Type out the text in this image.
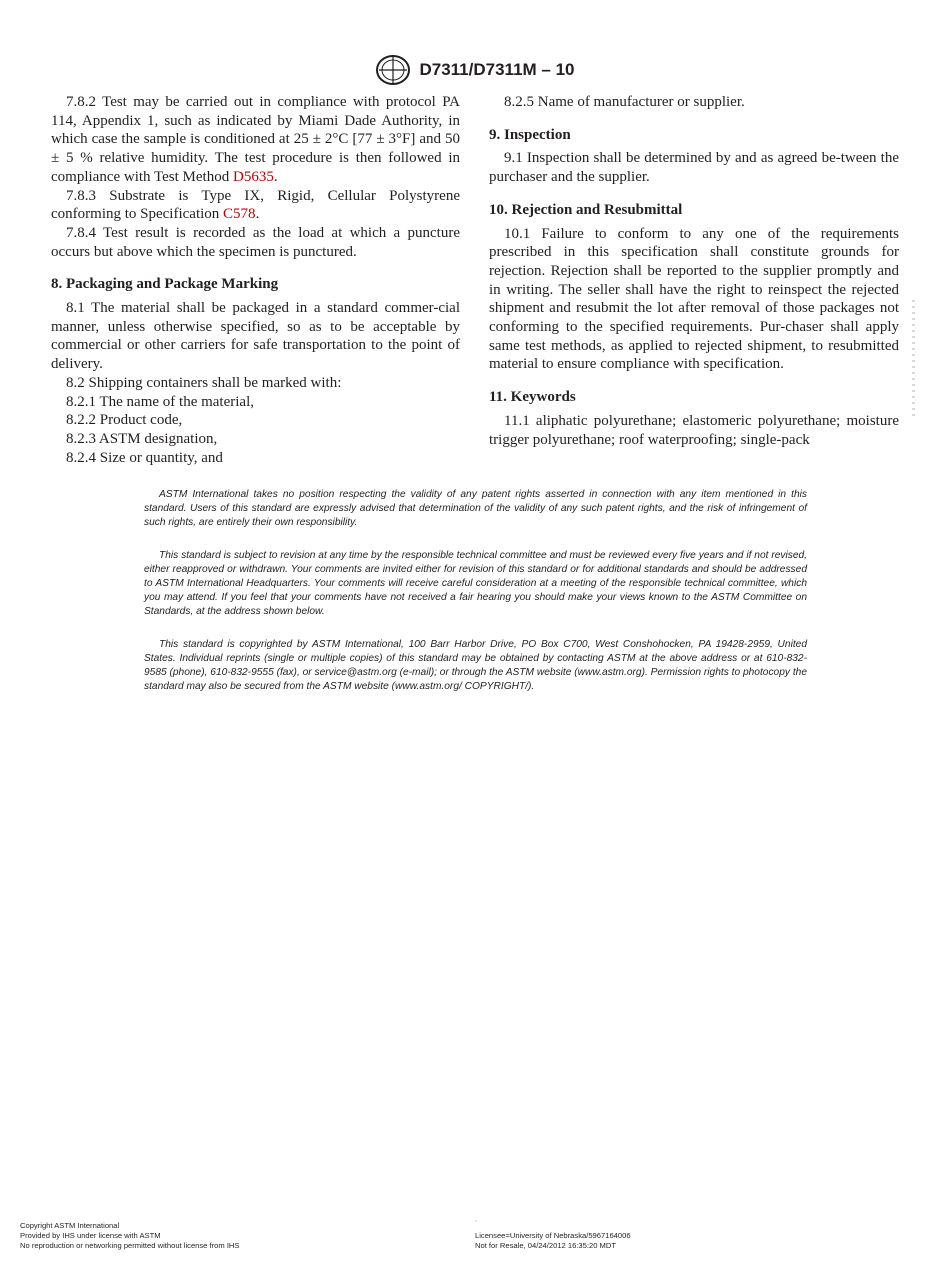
D7311/D7311M – 10

7.8.2 Test may be carried out in compliance with protocol PA 114, Appendix 1, such as indicated by Miami Dade Authority, in which case the sample is conditioned at 25 ± 2°C [77 ± 3°F] and 50 ± 5 % relative humidity. The test procedure is then followed in compliance with Test Method D5635.

7.8.3 Substrate is Type IX, Rigid, Cellular Polystyrene conforming to Specification C578.

7.8.4 Test result is recorded as the load at which a puncture occurs but above which the specimen is punctured.

8. Packaging and Package Marking

8.1 The material shall be packaged in a standard commer-cial manner, unless otherwise specified, so as to be acceptable by commercial or other carriers for safe transportation to the point of delivery.

8.2 Shipping containers shall be marked with:

8.2.1 The name of the material,

8.2.2 Product code,

8.2.3 ASTM designation,

8.2.4 Size or quantity, and

8.2.5 Name of manufacturer or supplier.

9. Inspection

9.1 Inspection shall be determined by and as agreed be-tween the purchaser and the supplier.

10. Rejection and Resubmittal

10.1 Failure to conform to any one of the requirements prescribed in this specification shall constitute grounds for rejection. Rejection shall be reported to the supplier promptly and in writing. The seller shall have the right to reinspect the rejected shipment and resubmit the lot after removal of those packages not conforming to the specified requirements. Pur-chaser shall apply same test methods, as applied to rejected shipment, to resubmitted material to ensure compliance with specification.

11. Keywords

11.1 aliphatic polyurethane; elastomeric polyurethane; moisture trigger polyurethane; roof waterproofing; single-pack

ASTM International takes no position respecting the validity of any patent rights asserted in connection with any item mentioned in this standard. Users of this standard are expressly advised that determination of the validity of any such patent rights, and the risk of infringement of such rights, are entirely their own responsibility.

This standard is subject to revision at any time by the responsible technical committee and must be reviewed every five years and if not revised, either reapproved or withdrawn. Your comments are invited either for revision of this standard or for additional standards and should be addressed to ASTM International Headquarters. Your comments will receive careful consideration at a meeting of the responsible technical committee, which you may attend. If you feel that your comments have not received a fair hearing you should make your views known to the ASTM Committee on Standards, at the address shown below.

This standard is copyrighted by ASTM International, 100 Barr Harbor Drive, PO Box C700, West Conshohocken, PA 19428-2959, United States. Individual reprints (single or multiple copies) of this standard may be obtained by contacting ASTM at the above address or at 610-832-9585 (phone), 610-832-9555 (fax), or service@astm.org (e-mail); or through the ASTM website (www.astm.org). Permission rights to photocopy the standard may also be secured from the ASTM website (www.astm.org/ COPYRIGHT/).

Copyright ASTM International
Provided by IHS under license with ASTM
No reproduction or networking permitted without license from IHS
`
Licensee=University of Nebraska/5967164006
Not for Resale, 04/24/2012 16:35:20 MDT
